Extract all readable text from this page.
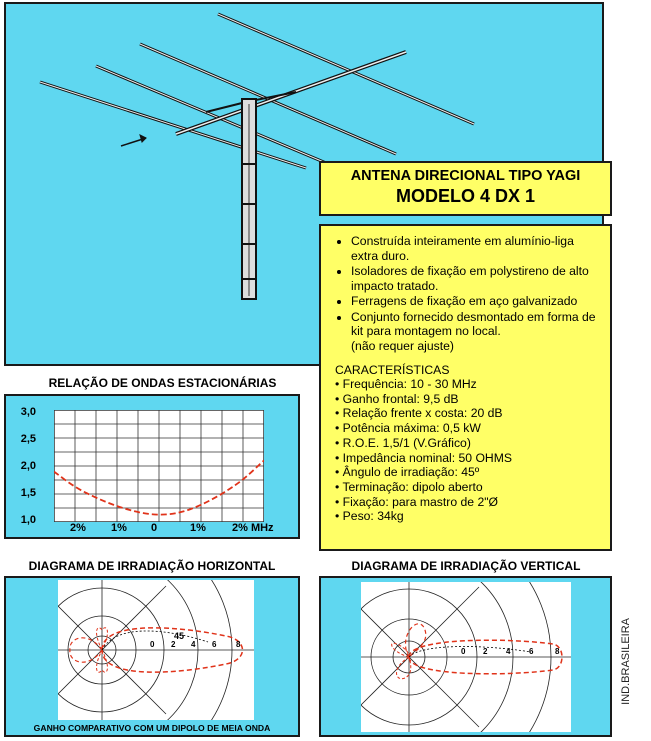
ANTENA DIRECIONAL TIPO YAGI
MODELO 4 DX 1
• Construída inteiramente em alumínio-liga extra duro.
• Isoladores de fixação em polystireno de alto impacto tratado.
• Ferragens de fixação em aço galvanizado
• Conjunto fornecido desmontado em forma de kit para montagem no local.
(não requer ajuste)
CARACTERÍSTICAS
• Frequência: 10 - 30 MHz
• Ganho frontal: 9,5 dB
• Relação frente x costa: 20 dB
• Potência máxima: 0,5 kW
• R.O.E. 1,5/1 (V.Gráfico)
• Impedância nominal: 50 OHMS
• Ângulo de irradiação: 45º
• Terminação: dipolo aberto
• Fixação: para mastro de 2"Ø
• Peso: 34kg
RELAÇÃO DE ONDAS ESTACIONÁRIAS
3,0
2,5
2,0
1,5
1,0
2% 1% 0	1% 2% MHz
DIAGRAMA DE IRRADIAÇÃO HORIZONTAL
45
0 2 4 6 8
GANHO COMPARATIVO COM UM DIPOLO DE MEIA ONDA
DIAGRAMA DE IRRADIAÇÃO VERTICAL
0 2 4 6	8	IND.BRASILEIRA
